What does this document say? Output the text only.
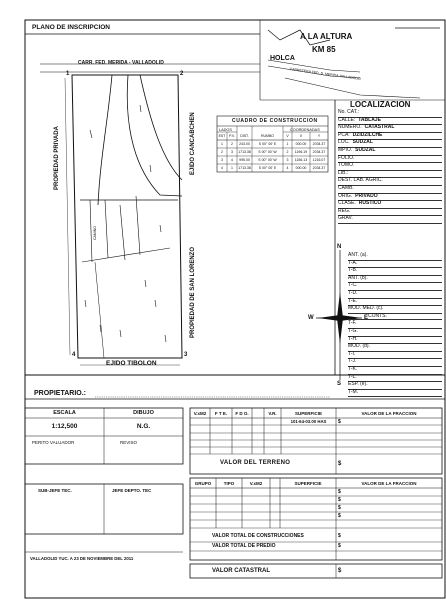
PLANO DE INSCRIPCION
CARR. FED. MERIDA - VALLADOLID
A LA ALTURA
KM 85
HOLCA
CARRETERA FED. D. MERIDA-VALLADOLID
PROPIEDAD PRIVADA	EJIDO CANCABCHEN
PROPIEDAD DE SAN LORENZO
EJIDO TIBOLON
CAMINO
1	2
3
4
CUADRO DE CONSTRUCCION
LADOS	COORDENADAS
EST	P.V.	DIST.	RUMBO	V	X	Y
1	2	243.00	S 00° 00' E	1	000.00	2034.37
2	3	1713.38	S 00° 00' W	2	1196.19	2034.37
3	4	995.00	S 00° 00' W	3	1156.13	1216.07
4	1	1713.38	S 00° 00' E	4	000.00	2034.37
LOCALIZACION
No. CAT.:
CALLE: TABLAJE
NUMERO. CATASTRAL
PCA: DZIDZILCHE
LOC. SUDZAL
MPIO. SUDZAL
FOLIO.
TOMO.
LIB.:
DEST. LAB. AGRIC.
CAMB.
ORIG. PRIVADO
CLASE. RUSTICO
REG.
GRAV.
ANT. (a).
T-A.
T-B.
ANT. (b).
T-C.
T-D.
T-E.
MOD. MED. (c).
CONTS.
T-F.
T-G.
T-H.
MOD. (d).
T-I.
T-J.
T-K.
T-L.
ESP. (e).
T-M.
N
S
E
W
PROPIETARIO.:
ESCALA
1:12,500
DIBUJO
N.G.
PERITO VALUADOR	REVISO
SUB-JEFE TEC.	JEFE DEPTO. TEC
VALLADOLID YUC. A 23 DE NOVIEMBRE DEL 2011
V.xM2	F T E.	F D O.	V.R.	SUPERFICIE	VALOR DE LA FRACCION
101-64-03.00 HAS	$
VALOR DEL TERRENO	$
GRUPO	TIPO	V.xM2	SUPERFICIE	VALOR DE LA FRACCION
$
$
$
$
VALOR TOTAL DE CONSTRUCCIONES	$
VALOR TOTAL DE PREDIO	$
VALOR CATASTRAL	$
